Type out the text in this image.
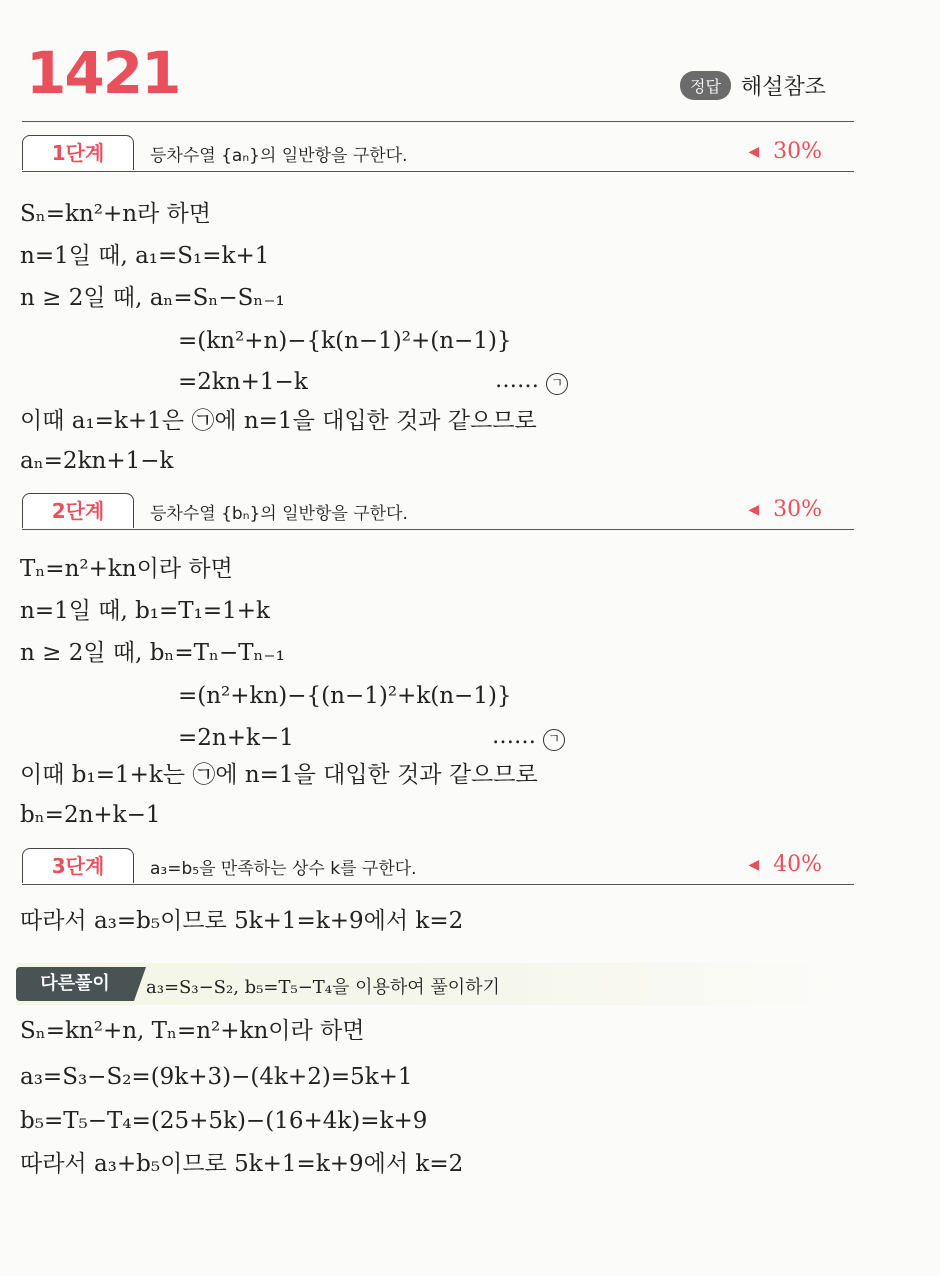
1421	정답 해설참조
1단계	등차수열 {aₙ}의 일반항을 구한다.	◀ 30%
Sₙ=kn²+n라 하면
n=1일 때, a₁=S₁=k+1
n ≥ 2일 때, aₙ=Sₙ−Sₙ₋₁
=(kn²+n)−{k(n−1)²+(n−1)}
=2kn+1−k	…… ㄱ
이때 a₁=k+1은 ㉠에 n=1을 대입한 것과 같으므로
aₙ=2kn+1−k
2단계	등차수열 {bₙ}의 일반항을 구한다.	◀ 30%
Tₙ=n²+kn이라 하면
n=1일 때, b₁=T₁=1+k
n ≥ 2일 때, bₙ=Tₙ−Tₙ₋₁
=(n²+kn)−{(n−1)²+k(n−1)}
=2n+k−1	…… ㄱ
이때 b₁=1+k는 ㉠에 n=1을 대입한 것과 같으므로
bₙ=2n+k−1
3단계	a₃=b₅을 만족하는 상수 k를 구한다.	◀ 40%
따라서 a₃=b₅이므로 5k+1=k+9에서 k=2
다른풀이	a₃=S₃−S₂, b₅=T₅−T₄을 이용하여 풀이하기
Sₙ=kn²+n, Tₙ=n²+kn이라 하면
a₃=S₃−S₂=(9k+3)−(4k+2)=5k+1
b₅=T₅−T₄=(25+5k)−(16+4k)=k+9
따라서 a₃+b₅이므로 5k+1=k+9에서 k=2
